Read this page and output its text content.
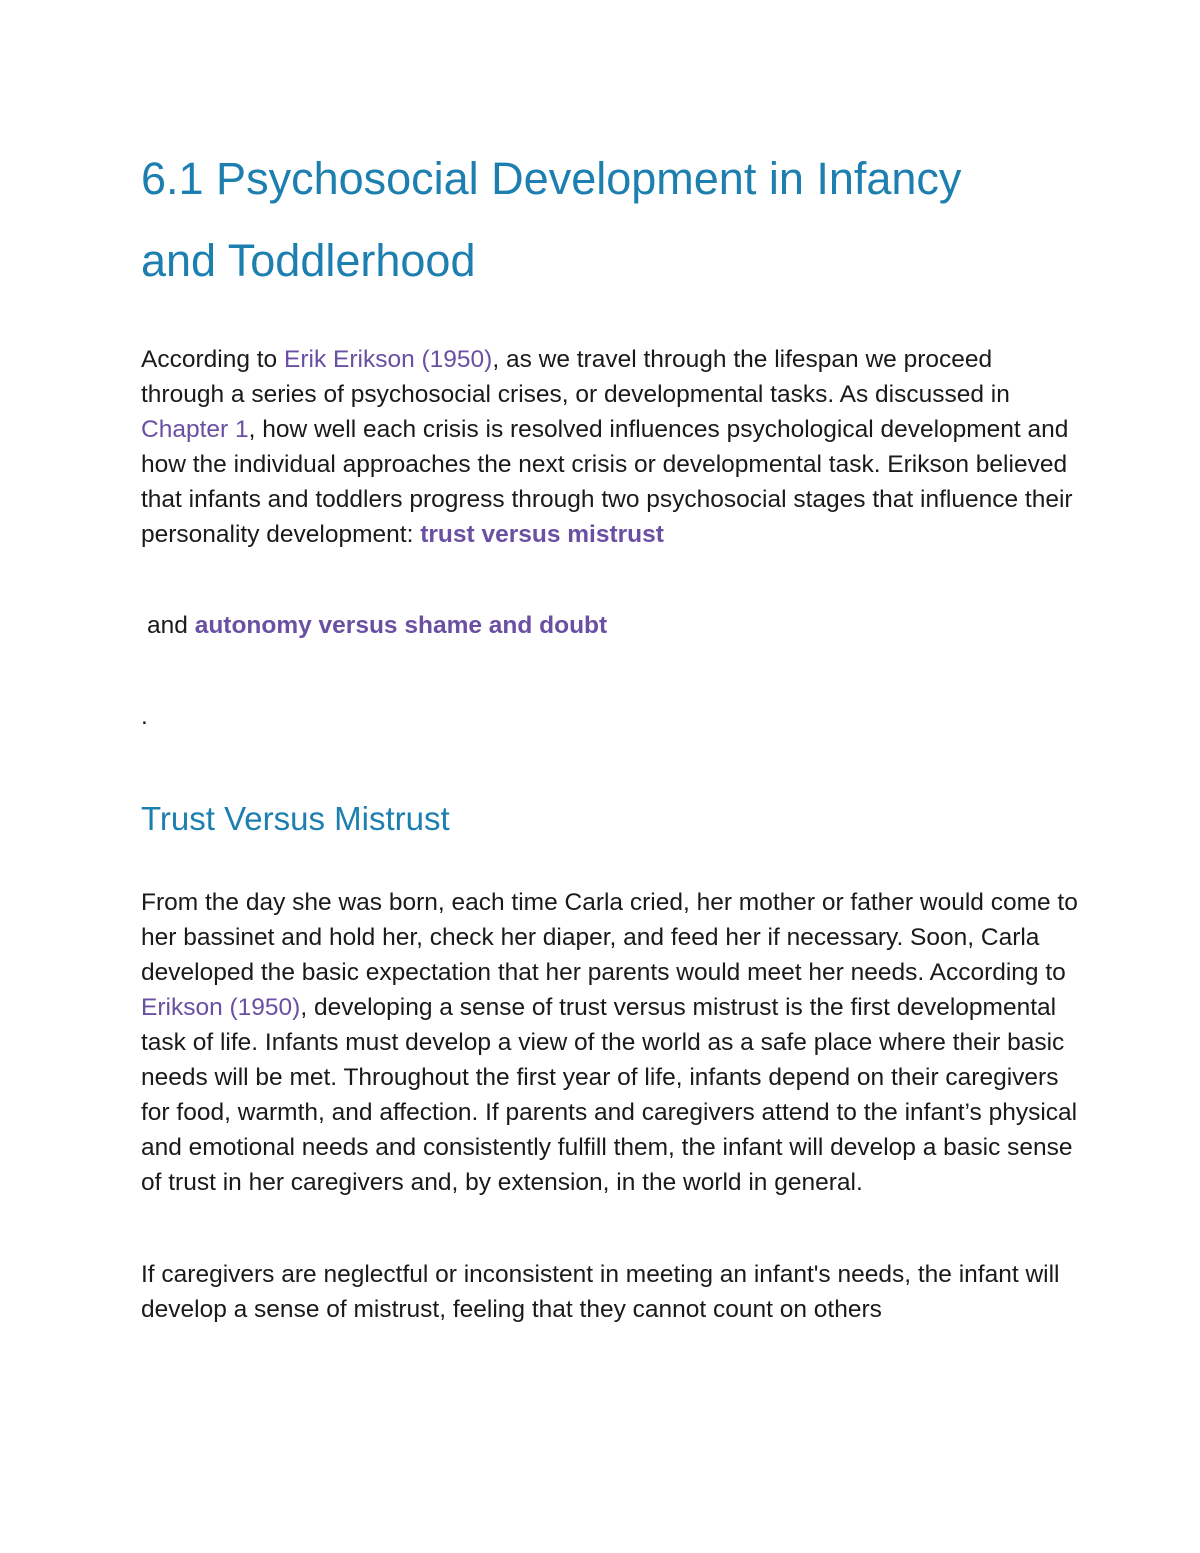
6.1 Psychosocial Development in Infancy
and Toddlerhood

According to Erik Erikson (1950), as we travel through the lifespan we proceed through a series of psychosocial crises, or developmental tasks. As discussed in Chapter 1, how well each crisis is resolved influences psychological development and how the individual approaches the next crisis or developmental task. Erikson believed that infants and toddlers progress through two psychosocial stages that influence their personality development: trust versus mistrust

and autonomy versus shame and doubt

.

Trust Versus Mistrust

From the day she was born, each time Carla cried, her mother or father would come to her bassinet and hold her, check her diaper, and feed her if necessary. Soon, Carla developed the basic expectation that her parents would meet her needs. According to Erikson (1950), developing a sense of trust versus mistrust is the first developmental task of life. Infants must develop a view of the world as a safe place where their basic needs will be met. Throughout the first year of life, infants depend on their caregivers for food, warmth, and affection. If parents and caregivers attend to the infant’s physical and emotional needs and consistently fulfill them, the infant will develop a basic sense of trust in her caregivers and, by extension, in the world in general.

If caregivers are neglectful or inconsistent in meeting an infant's needs, the infant will develop a sense of mistrust, feeling that they cannot count on others
